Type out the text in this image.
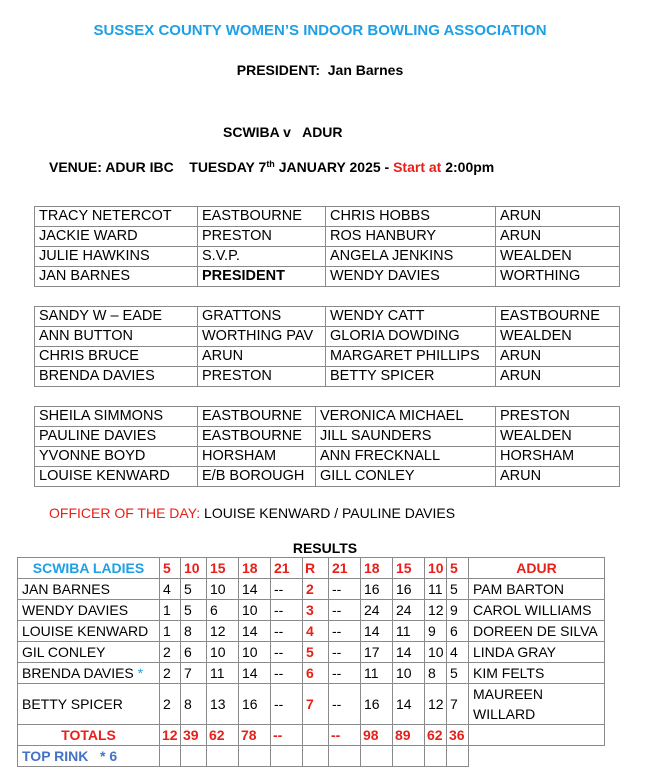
SUSSEX COUNTY WOMEN’S INDOOR BOWLING ASSOCIATION
PRESIDENT: Jan Barnes
SCWIBA v   ADUR
VENUE: ADUR IBC    TUESDAY 7th JANUARY 2025 - Start at 2:00pm
TRACY NETERCOT	EASTBOURNE	CHRIS HOBBS	ARUN
JACKIE WARD	PRESTON	ROS HANBURY	ARUN
JULIE HAWKINS	S.V.P.	ANGELA JENKINS	WEALDEN
JAN BARNES	PRESIDENT	WENDY DAVIES	WORTHING
SANDY W – EADE	GRATTONS	WENDY CATT	EASTBOURNE
ANN BUTTON	WORTHING PAV	GLORIA DOWDING	WEALDEN
CHRIS BRUCE	ARUN	MARGARET PHILLIPS	ARUN
BRENDA DAVIES	PRESTON	BETTY SPICER	ARUN
SHEILA SIMMONS	EASTBOURNE	VERONICA MICHAEL	PRESTON
PAULINE DAVIES	EASTBOURNE	JILL SAUNDERS	WEALDEN
YVONNE BOYD	HORSHAM	ANN FRECKNALL	HORSHAM
LOUISE KENWARD	E/B BOROUGH	GILL CONLEY	ARUN
OFFICER OF THE DAY: LOUISE KENWARD / PAULINE DAVIES
RESULTS
SCWIBA LADIES	5	10	15	18	21	R	21	18	15	10	5	ADUR
JAN BARNES	4	5	10	14	--	2	--	16	16	11	5	PAM BARTON
WENDY DAVIES	1	5	6	10	--	3	--	24	24	12	9	CAROL WILLIAMS
LOUISE KENWARD	1	8	12	14	--	4	--	14	11	9	6	DOREEN DE SILVA
GIL CONLEY	2	6	10	10	--	5	--	17	14	10	4	LINDA GRAY
BRENDA DAVIES *	2	7	11	14	--	6	--	11	10	8	5	KIM FELTS
BETTY SPICER	2	8	13	16	--	7	--	16	14	12	7	MAUREEN WILLARD
TOTALS	12	39	62	78	--		--	98	89	62	36	
TOP RINK   * 6												
